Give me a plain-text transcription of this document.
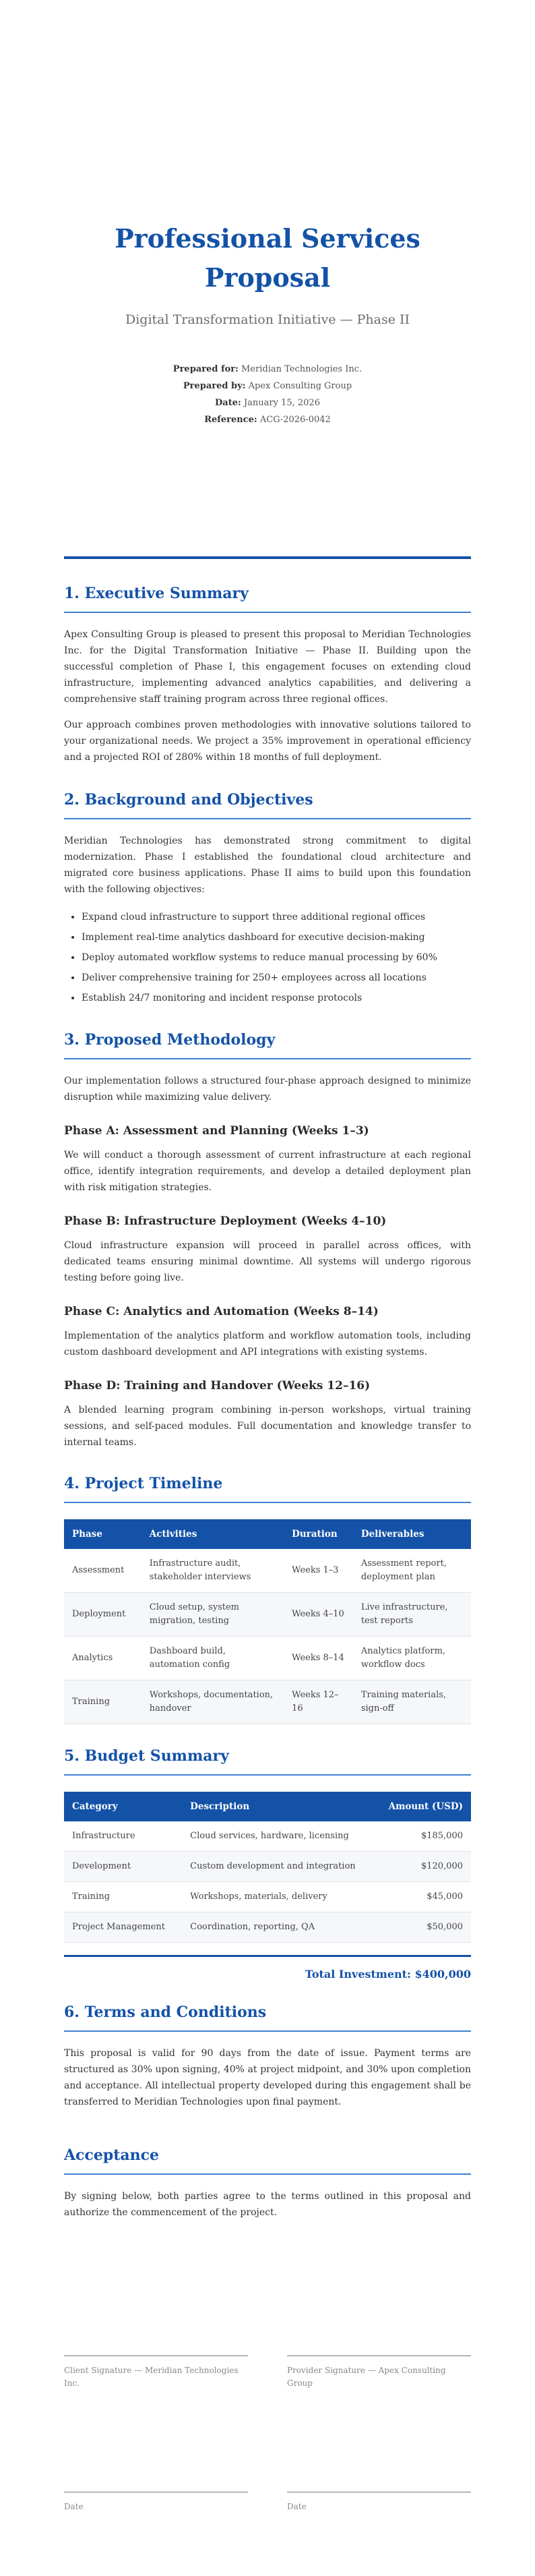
Professional Services
Proposal
Digital Transformation Initiative — Phase II
Prepared for: Meridian Technologies Inc.
Prepared by: Apex Consulting Group
Date: January 15, 2026
Reference: ACG-2026-0042
1. Executive Summary

Apex Consulting Group is pleased to present this proposal to Meridian Technologies Inc. for the Digital Transformation Initiative — Phase II. Building upon the successful completion of Phase I, this engagement focuses on extending cloud infrastructure, implementing advanced analytics capabilities, and delivering a comprehensive staff training program across three regional offices.

Our approach combines proven methodologies with innovative solutions tailored to your organizational needs. We project a 35% improvement in operational efficiency and a projected ROI of 280% within 18 months of full deployment.

2. Background and Objectives

Meridian Technologies has demonstrated strong commitment to digital modernization. Phase I established the foundational cloud architecture and migrated core business applications. Phase II aims to build upon this foundation with the following objectives:

• Expand cloud infrastructure to support three additional regional offices
• Implement real-time analytics dashboard for executive decision-making
• Deploy automated workflow systems to reduce manual processing by 60%
• Deliver comprehensive training for 250+ employees across all locations
• Establish 24/7 monitoring and incident response protocols
3. Proposed Methodology

Our implementation follows a structured four-phase approach designed to minimize disruption while maximizing value delivery.

Phase A: Assessment and Planning (Weeks 1–3)

We will conduct a thorough assessment of current infrastructure at each regional office, identify integration requirements, and develop a detailed deployment plan with risk mitigation strategies.

Phase B: Infrastructure Deployment (Weeks 4–10)

Cloud infrastructure expansion will proceed in parallel across offices, with dedicated teams ensuring minimal downtime. All systems will undergo rigorous testing before going live.

Phase C: Analytics and Automation (Weeks 8–14)

Implementation of the analytics platform and workflow automation tools, including custom dashboard development and API integrations with existing systems.

Phase D: Training and Handover (Weeks 12–16)

A blended learning program combining in-person workshops, virtual training sessions, and self-paced modules. Full documentation and knowledge transfer to internal teams.

4. Project Timeline
Phase	Activities	Duration	Deliverables
Assessment	Infrastructure audit, stakeholder interviews	Weeks 1–3	Assessment report, deployment plan
Deployment	Cloud setup, system migration, testing	Weeks 4–10	Live infrastructure, test reports
Analytics	Dashboard build, automation config	Weeks 8–14	Analytics platform, workflow docs
Training	Workshops, documentation, handover	Weeks 12–16	Training materials, sign-off
5. Budget Summary
Category	Description	Amount (USD)
Infrastructure	Cloud services, hardware, licensing	$185,000
Development	Custom development and integration	$120,000
Training	Workshops, materials, delivery	$45,000
Project Management	Coordination, reporting, QA	$50,000
Total Investment: $400,000
6. Terms and Conditions

This proposal is valid for 90 days from the date of issue. Payment terms are structured as 30% upon signing, 40% at project midpoint, and 30% upon completion and acceptance. All intellectual property developed during this engagement shall be transferred to Meridian Technologies upon final payment.

Acceptance

By signing below, both parties agree to the terms outlined in this proposal and authorize the commencement of the project.

Client Signature — Meridian Technologies Inc.
Provider Signature — Apex Consulting Group
Date	Date
